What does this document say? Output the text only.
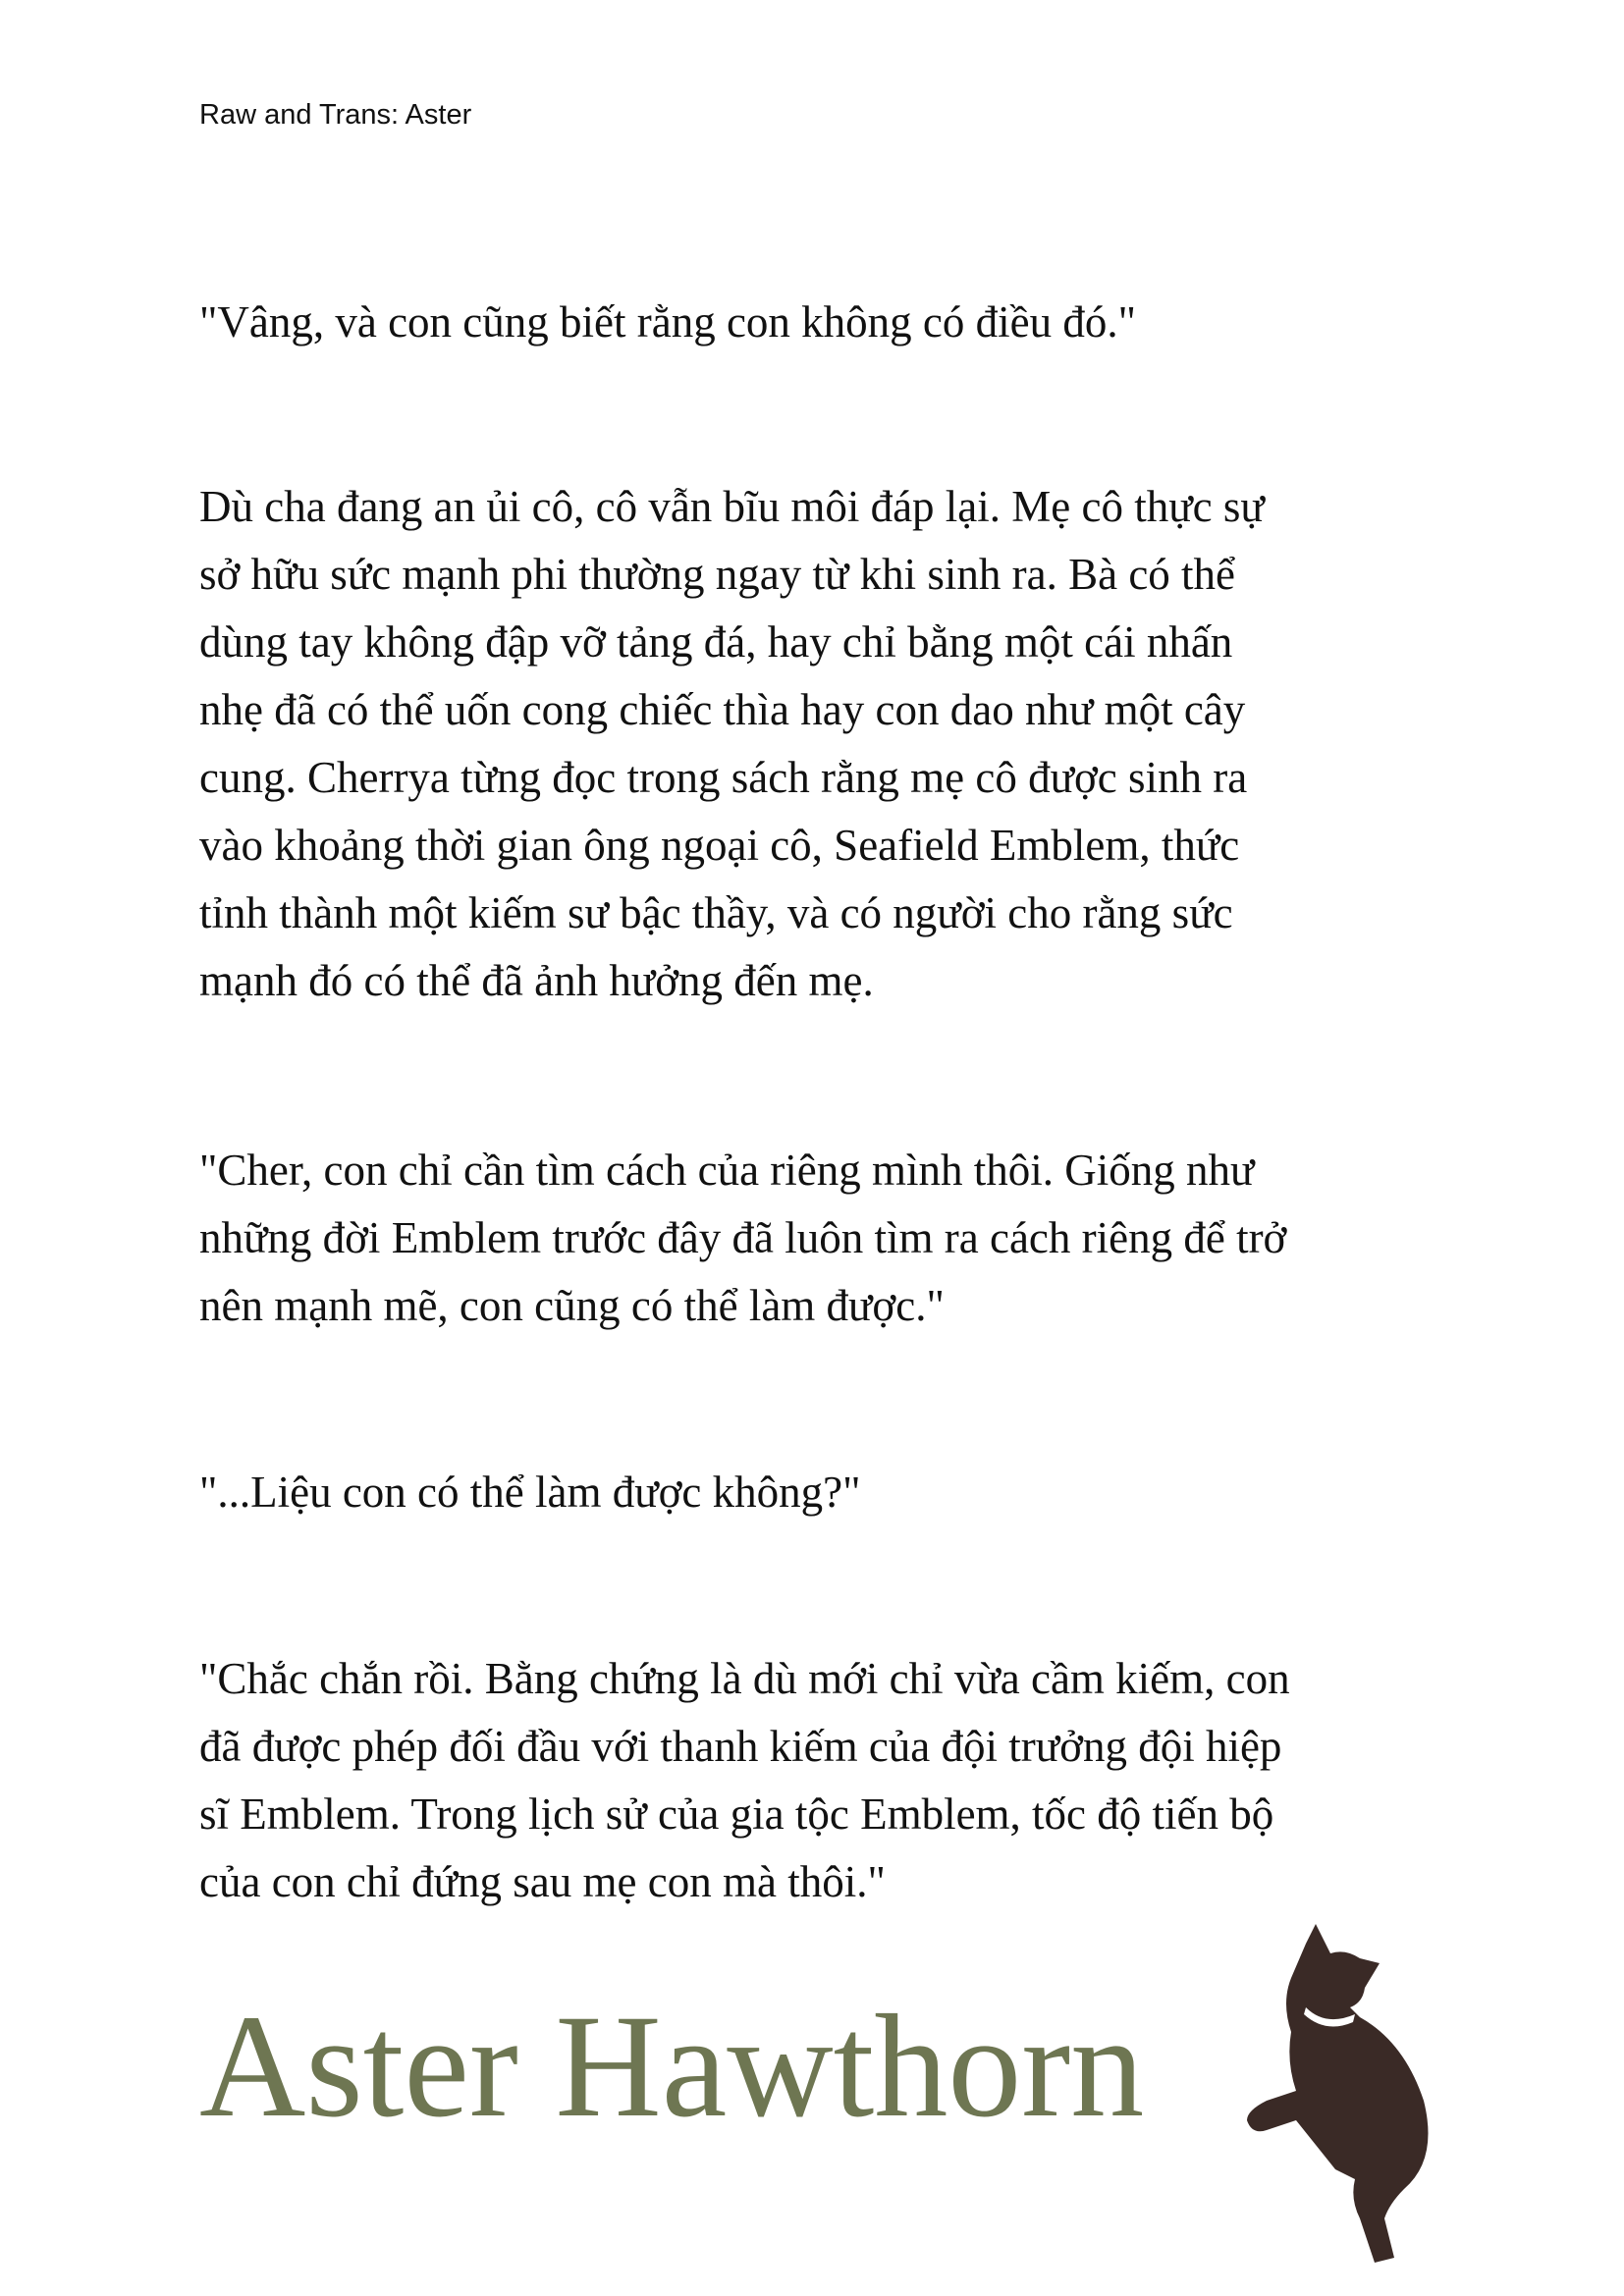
Raw and Trans: Aster
"Vâng, và con cũng biết rằng con không có điều đó."
Dù cha đang an ủi cô, cô vẫn bĩu môi đáp lại. Mẹ cô thực sự
sở hữu sức mạnh phi thường ngay từ khi sinh ra. Bà có thể
dùng tay không đập vỡ tảng đá, hay chỉ bằng một cái nhấn
nhẹ đã có thể uốn cong chiếc thìa hay con dao như một cây
cung. Cherrya từng đọc trong sách rằng mẹ cô được sinh ra
vào khoảng thời gian ông ngoại cô, Seafield Emblem, thức
tỉnh thành một kiếm sư bậc thầy, và có người cho rằng sức
mạnh đó có thể đã ảnh hưởng đến mẹ.
"Cher, con chỉ cần tìm cách của riêng mình thôi. Giống như
những đời Emblem trước đây đã luôn tìm ra cách riêng để trở
nên mạnh mẽ, con cũng có thể làm được."
"...Liệu con có thể làm được không?"
"Chắc chắn rồi. Bằng chứng là dù mới chỉ vừa cầm kiếm, con
đã được phép đối đầu với thanh kiếm của đội trưởng đội hiệp
sĩ Emblem. Trong lịch sử của gia tộc Emblem, tốc độ tiến bộ
của con chỉ đứng sau mẹ con mà thôi."
Aster Hawthorn
